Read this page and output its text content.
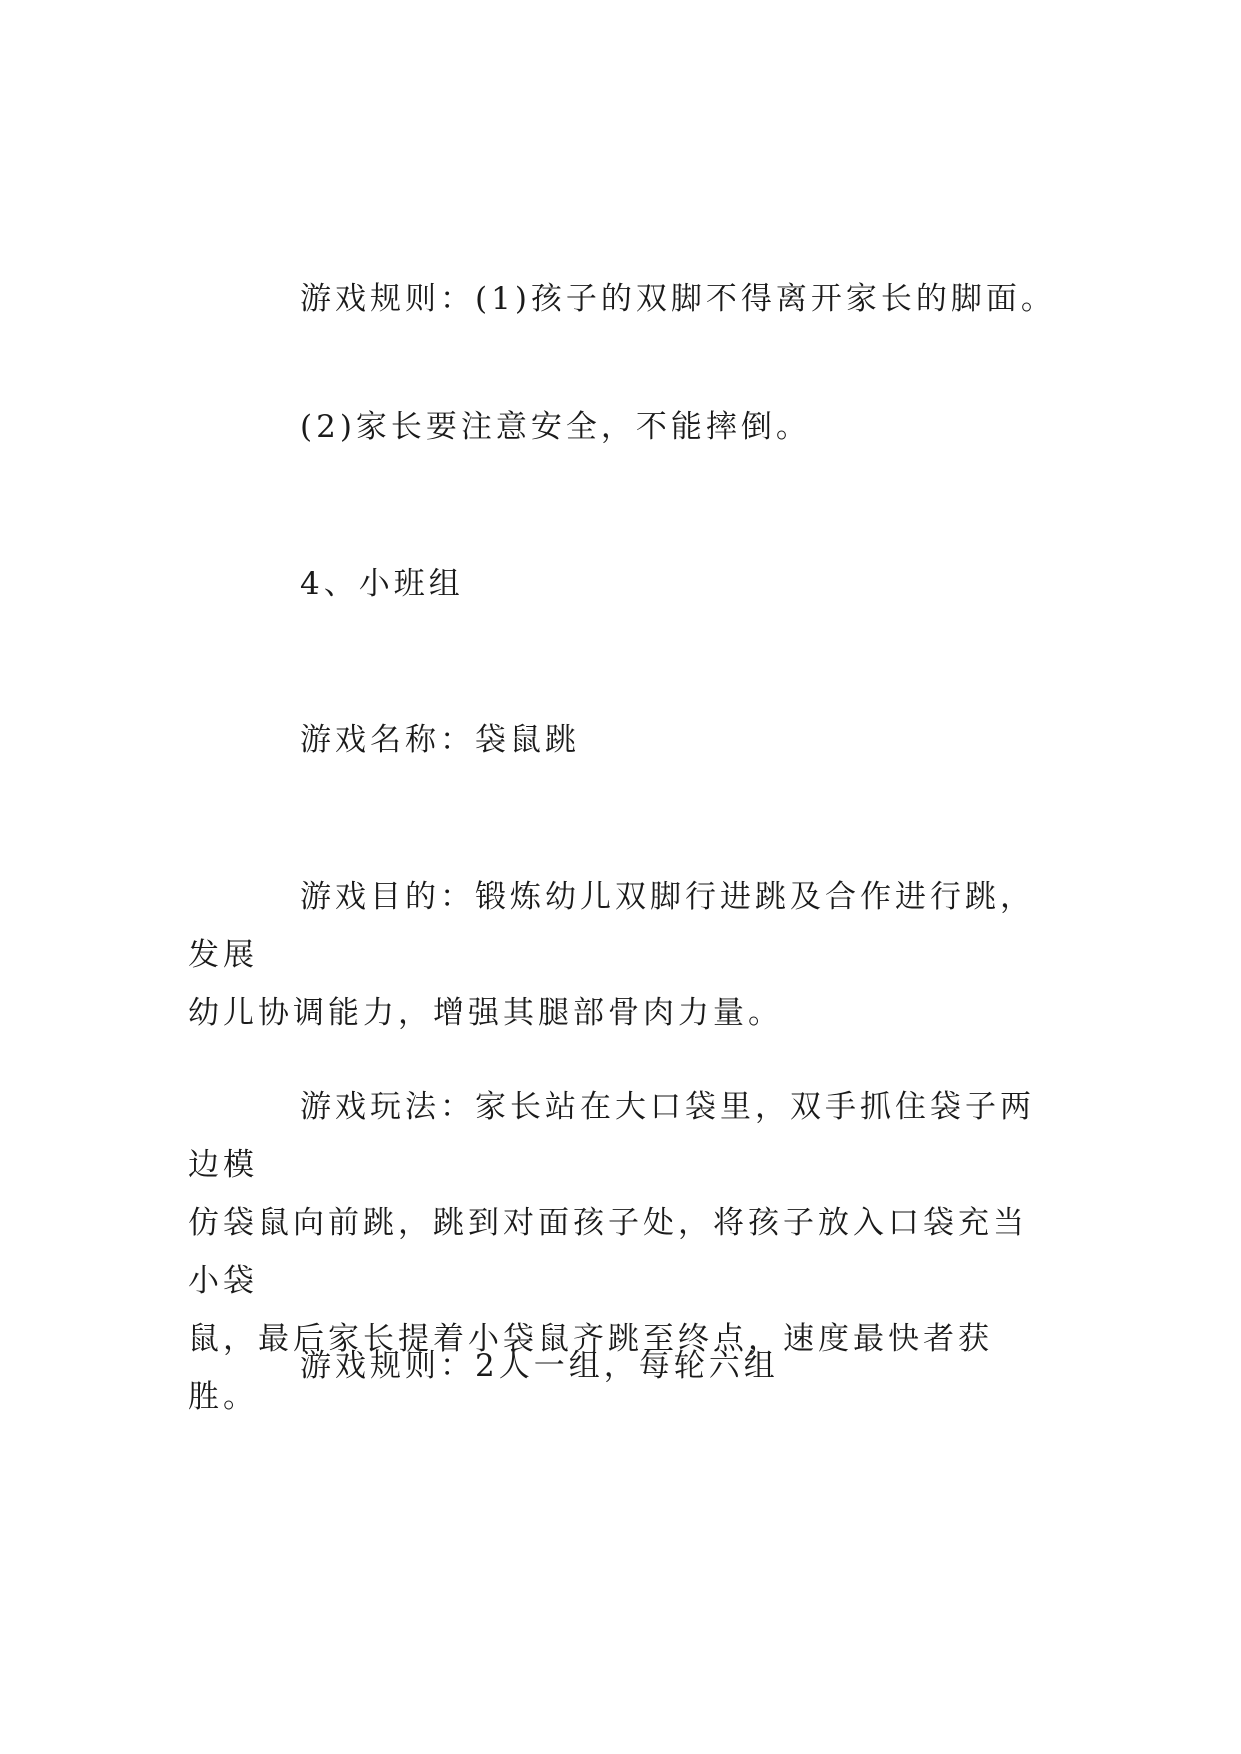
游戏规则：(1)孩子的双脚不得离开家长的脚面。

(2)家长要注意安全，不能摔倒。

4、小班组

游戏名称：袋鼠跳

游戏目的：锻炼幼儿双脚行进跳及合作进行跳，发展
幼儿协调能力，增强其腿部骨肉力量。

游戏玩法：家长站在大口袋里，双手抓住袋子两边模
仿袋鼠向前跳，跳到对面孩子处，将孩子放入口袋充当小袋
鼠，最后家长提着小袋鼠齐跳至终点，速度最快者获胜。

游戏规则：2人一组，每轮六组
